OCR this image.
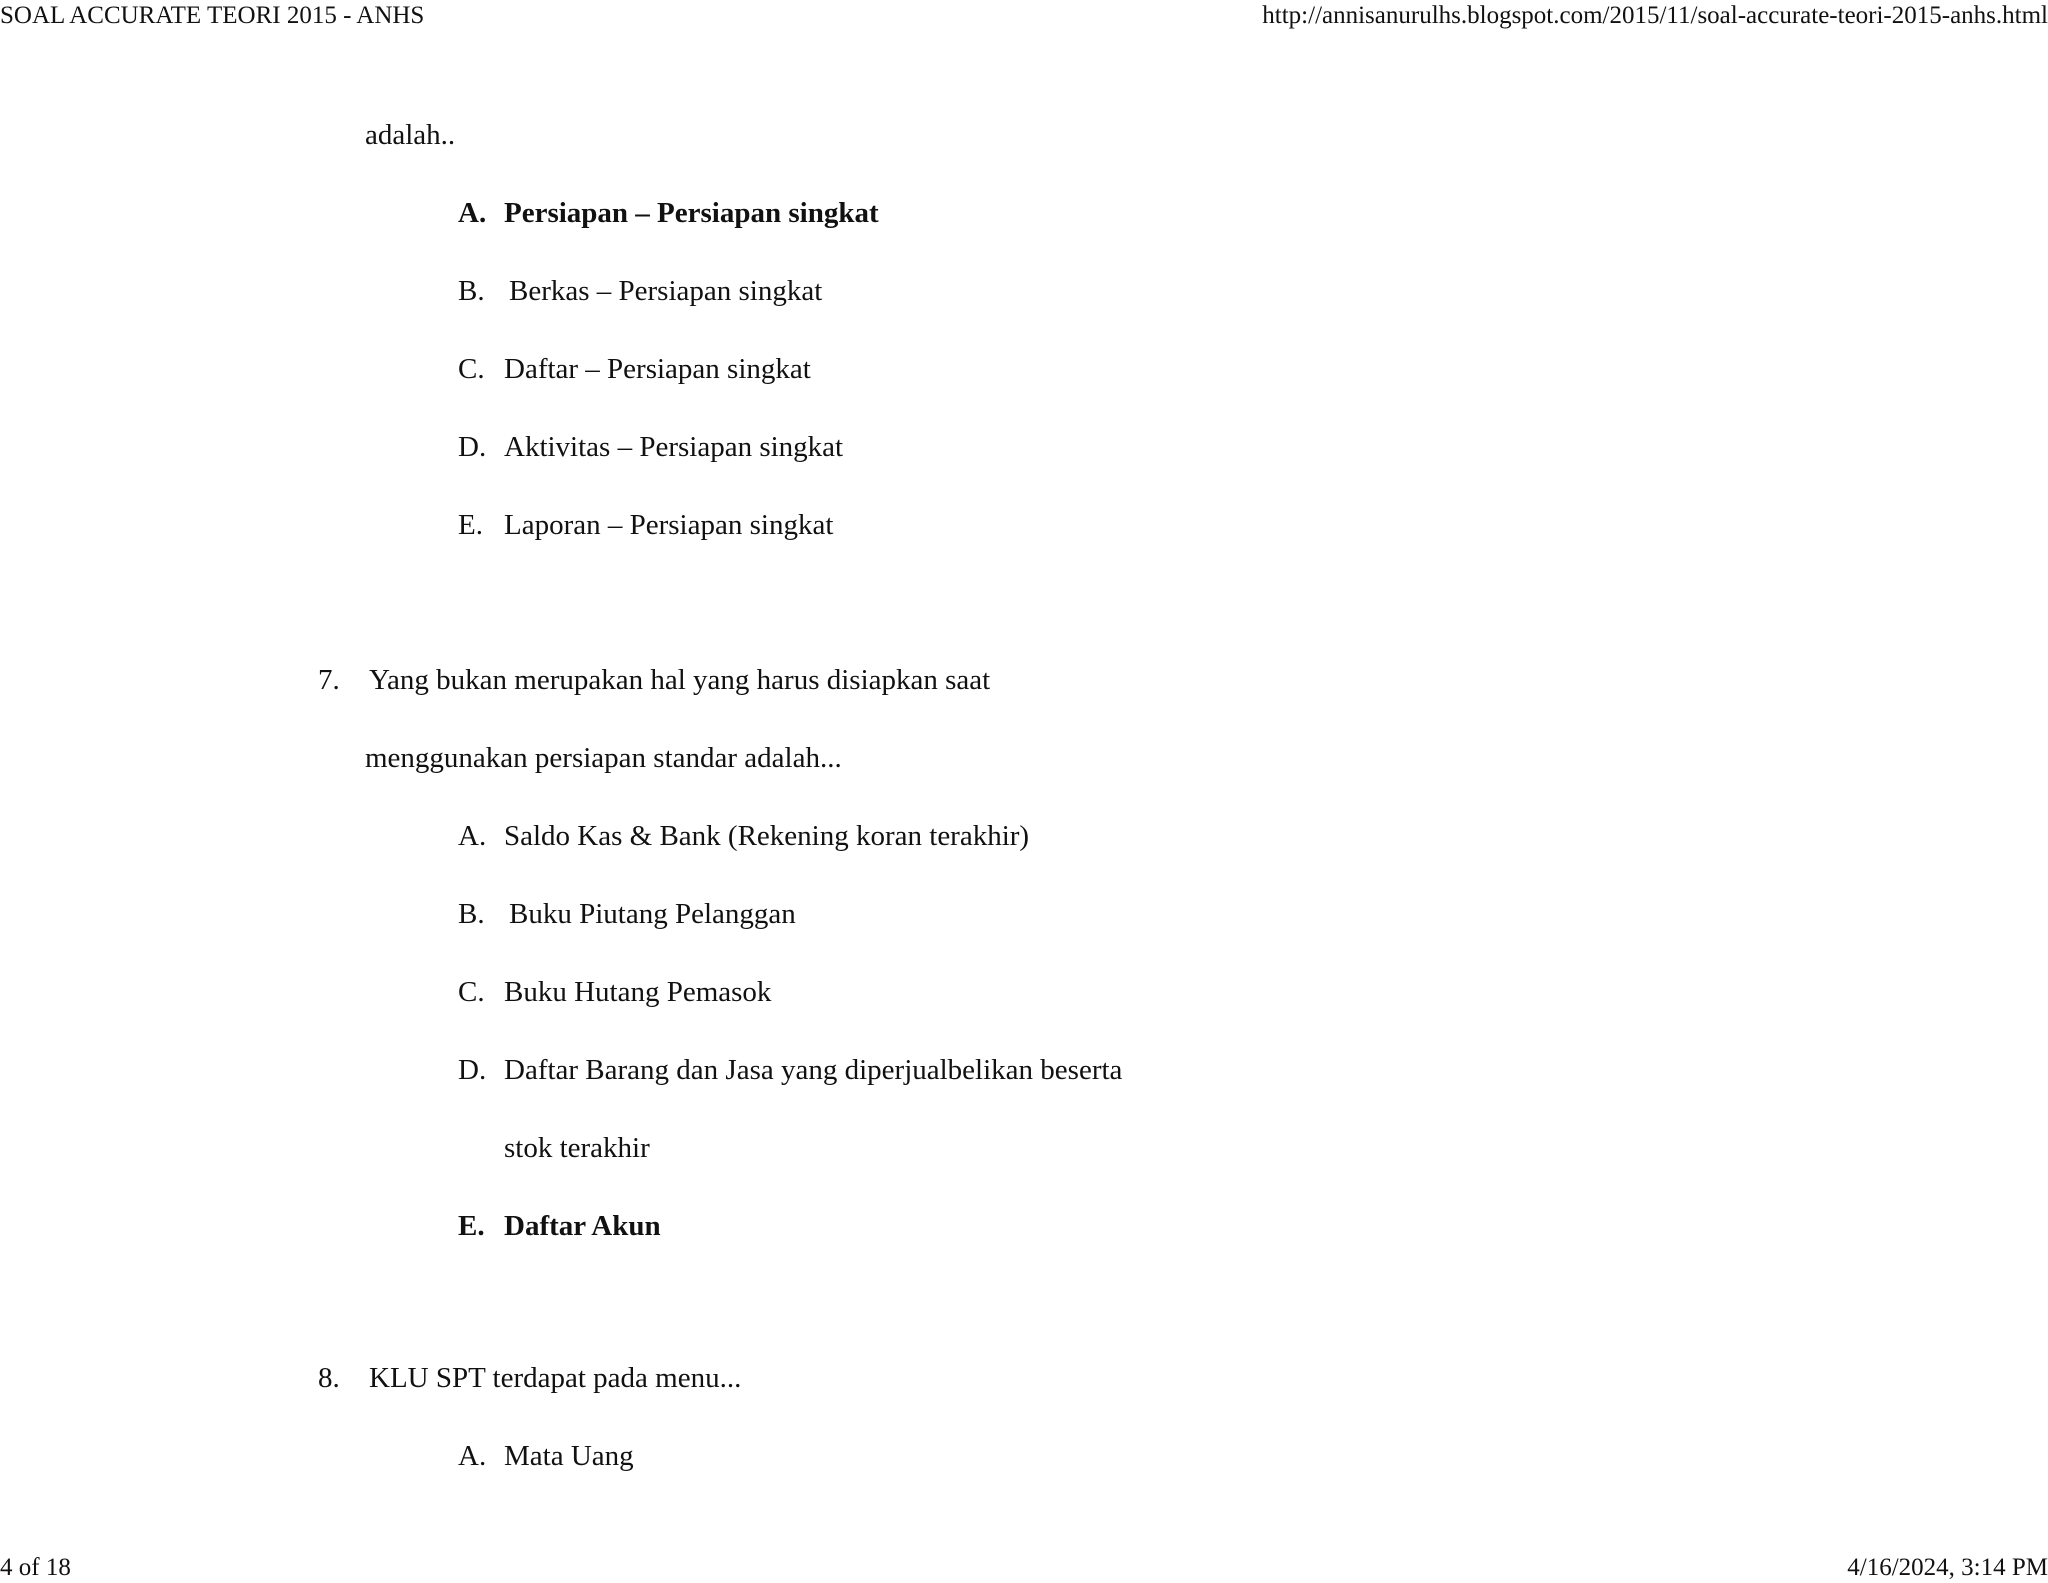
SOAL ACCURATE TEORI 2015 - ANHS	http://annisanurulhs.blogspot.com/2015/11/soal-accurate-teori-2015-anhs.html
adalah..
A. Persiapan – Persiapan singkat
B. Berkas – Persiapan singkat
C. Daftar – Persiapan singkat
D. Aktivitas – Persiapan singkat
E. Laporan – Persiapan singkat
7. Yang bukan merupakan hal yang harus disiapkan saat
menggunakan persiapan standar adalah...
A. Saldo Kas & Bank (Rekening koran terakhir)
B. Buku Piutang Pelanggan
C. Buku Hutang Pemasok
D. Daftar Barang dan Jasa yang diperjualbelikan beserta
stok terakhir
E. Daftar Akun
8. KLU SPT terdapat pada menu...
A. Mata Uang
4 of 18	4/16/2024, 3:14 PM
